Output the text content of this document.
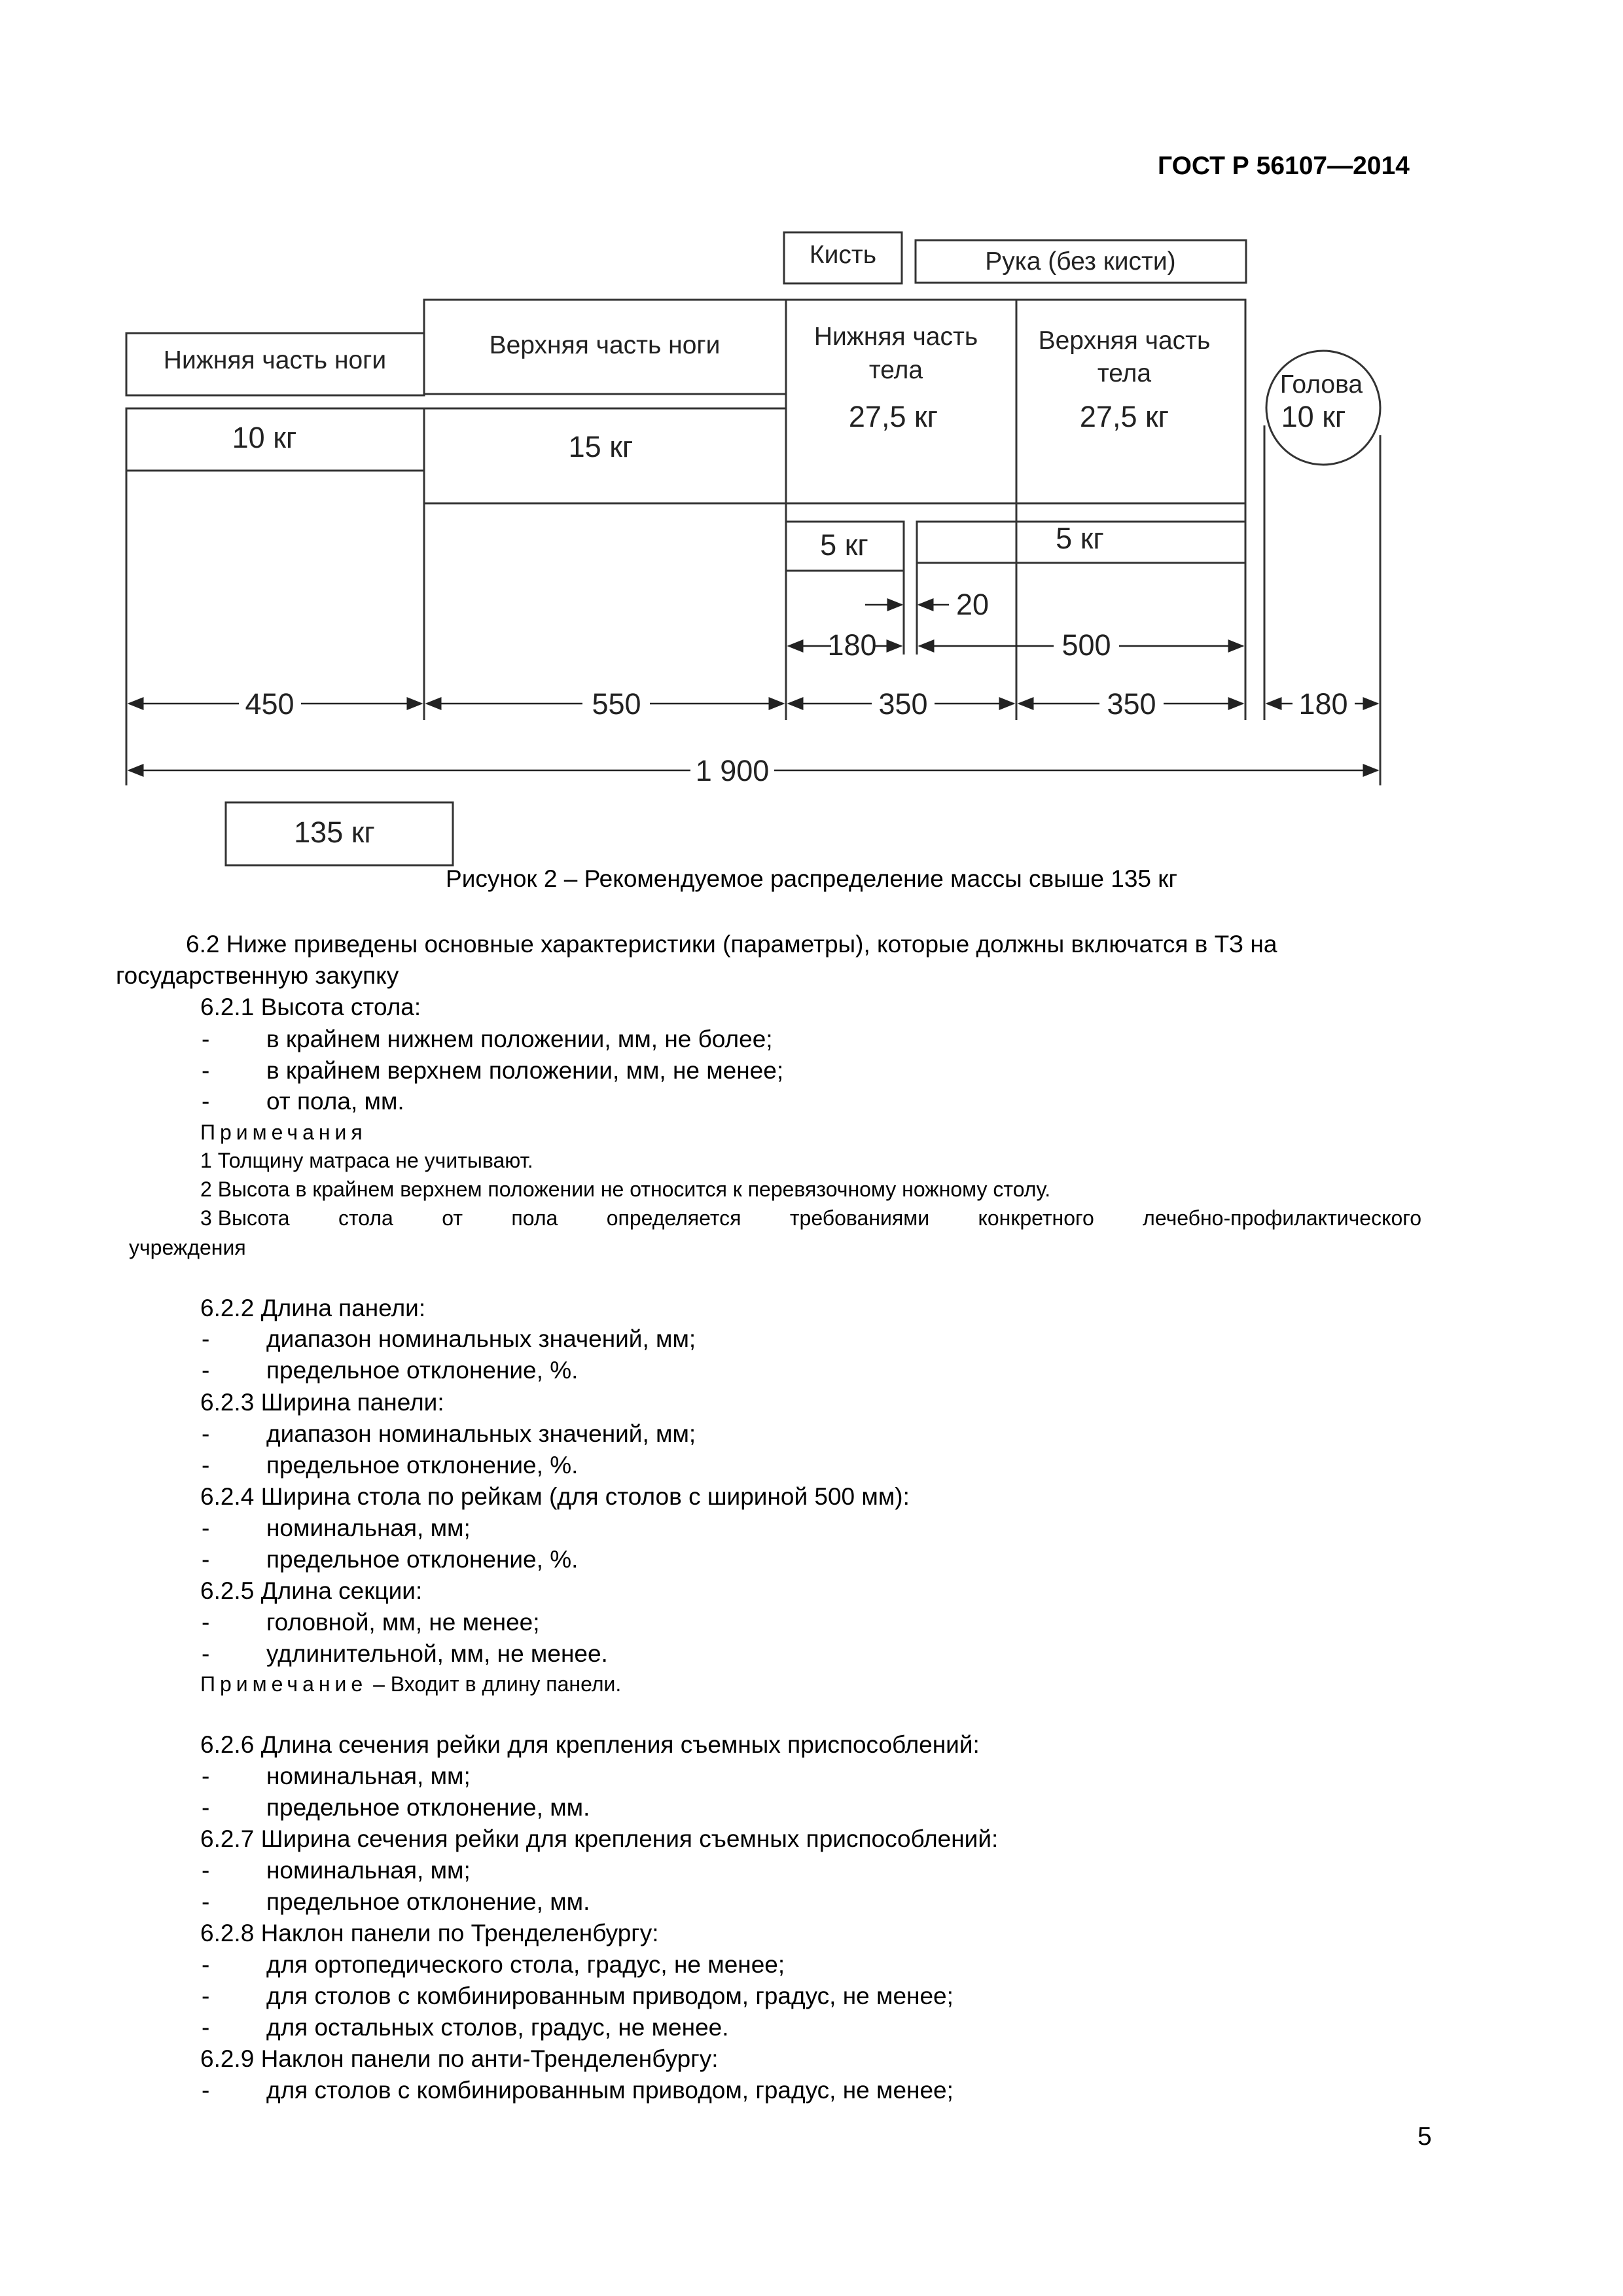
ГОСТ Р 56107—2014
Кисть	Рука (без кисти)
Нижняя часть ноги
Верхняя часть ноги	Нижняя часть
тела
Верхняя часть
тела	Голова
10 кг	15 кг
27,5 кг	27,5 кг	10 кг
5 кг	5 кг
135 кг
20
180	500
450	550	350	350	180
1 900
Рисунок 2 – Рекомендуемое распределение массы свыше 135 кг
6.2 Ниже приведены основные характеристики (параметры), которые должны включатся в ТЗ на
государственную закупку
6.2.1 Высота стола:
- в крайнем нижнем положении, мм, не более;
- в крайнем верхнем положении, мм, не менее;
- от пола, мм.
Примечания
1 Толщину матраса не учитывают.
2 Высота в крайнем верхнем положении не относится к перевязочному ножному столу.
3 Высота стола от пола определяется требованиями конкретного лечебно-профилактического
учреждения
6.2.2 Длина панели:
- диапазон номинальных значений, мм;
- предельное отклонение, %.
6.2.3 Ширина панели:
- диапазон номинальных значений, мм;
- предельное отклонение, %.
6.2.4 Ширина стола по рейкам (для столов с шириной 500 мм):
- номинальная, мм;
- предельное отклонение, %.
6.2.5 Длина секции:
- головной, мм, не менее;
- удлинительной, мм, не менее.
Примечание – Входит в длину панели.
6.2.6 Длина сечения рейки для крепления съемных приспособлений:
- номинальная, мм;
- предельное отклонение, мм.
6.2.7 Ширина сечения рейки для крепления съемных приспособлений:
- номинальная, мм;
- предельное отклонение, мм.
6.2.8 Наклон панели по Тренделенбургу:
- для ортопедического стола, градус, не менее;
- для столов с комбинированным приводом, градус, не менее;
- для остальных столов, градус, не менее.
6.2.9 Наклон панели по анти-Тренделенбургу:
- для столов с комбинированным приводом, градус, не менее;
5
